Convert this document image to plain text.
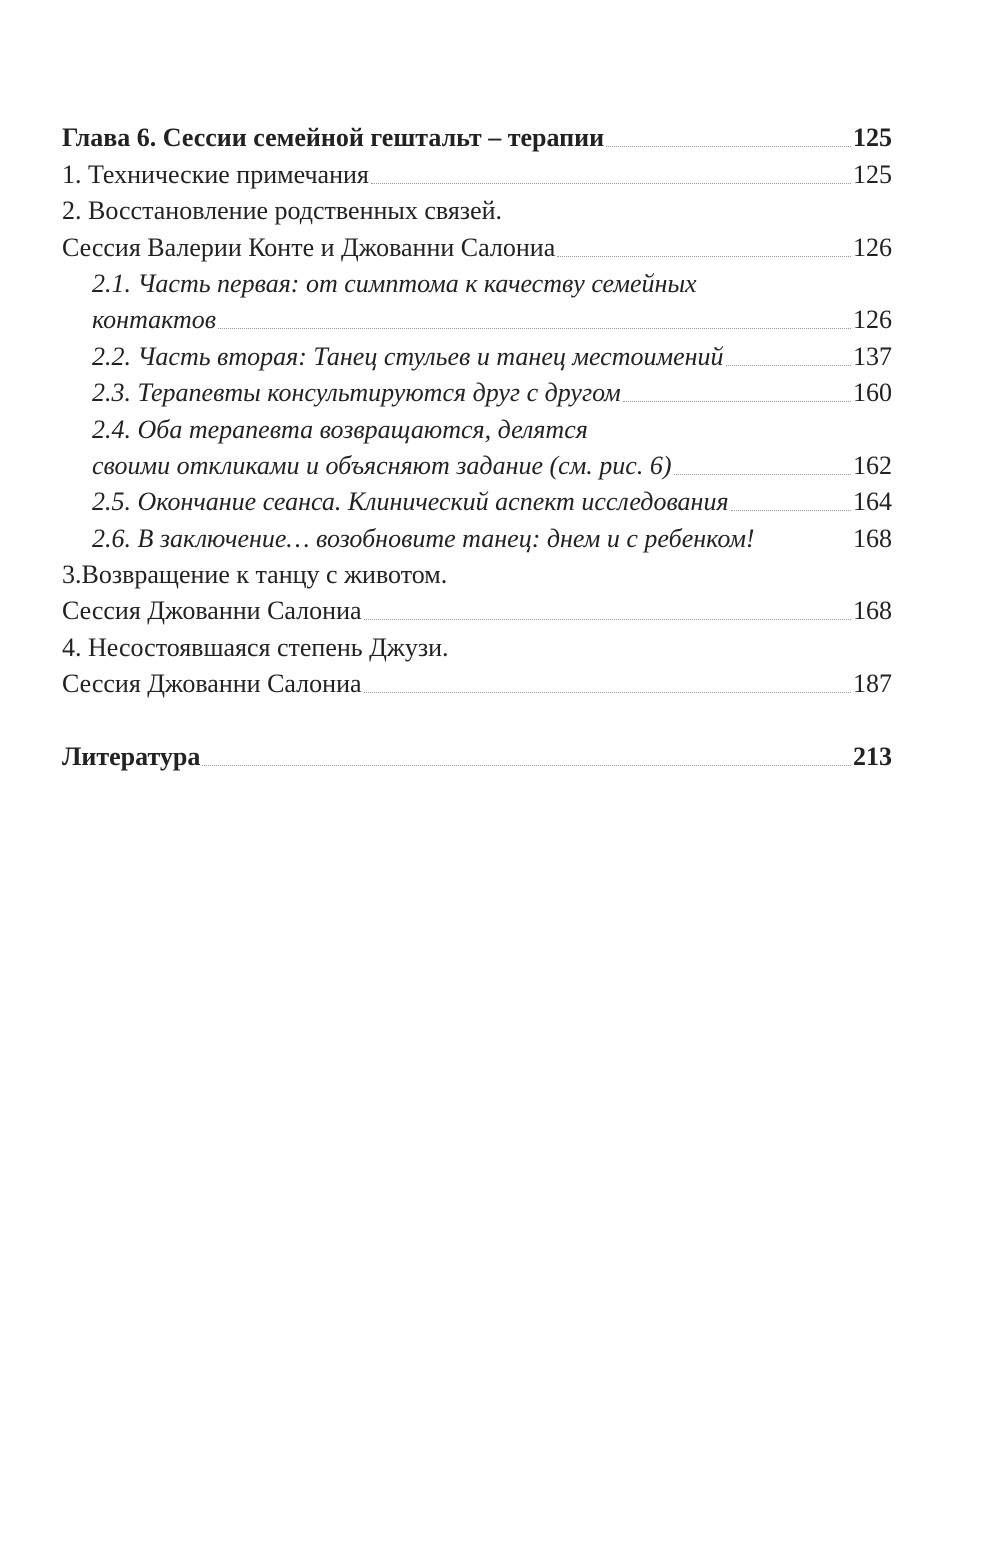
Глава 6. Сессии семейной гештальт – терапии	125
1. Технические примечания	125
2. Восстановление родственных связей.
Сессия Валерии Конте и Джованни Салониа	126
2.1. Часть первая: от симптома к качеству семейных
контактов	126
2.2. Часть вторая: Танец стульев и танец местоимений	137
2.3. Терапевты консультируются друг с другом	160
2.4. Оба терапевта возвращаются, делятся
своими откликами и объясняют задание (см. рис. 6)	162
2.5. Окончание сеанса. Клинический аспект исследования	164
2.6. В заключение… возобновите танец: днем и с ребенком!	168
3.Возвращение к танцу с животом.
Сессия Джованни Салониа	168
4. Несостоявшаяся степень Джузи.
Сессия Джованни Салониа	187
Литература	213
